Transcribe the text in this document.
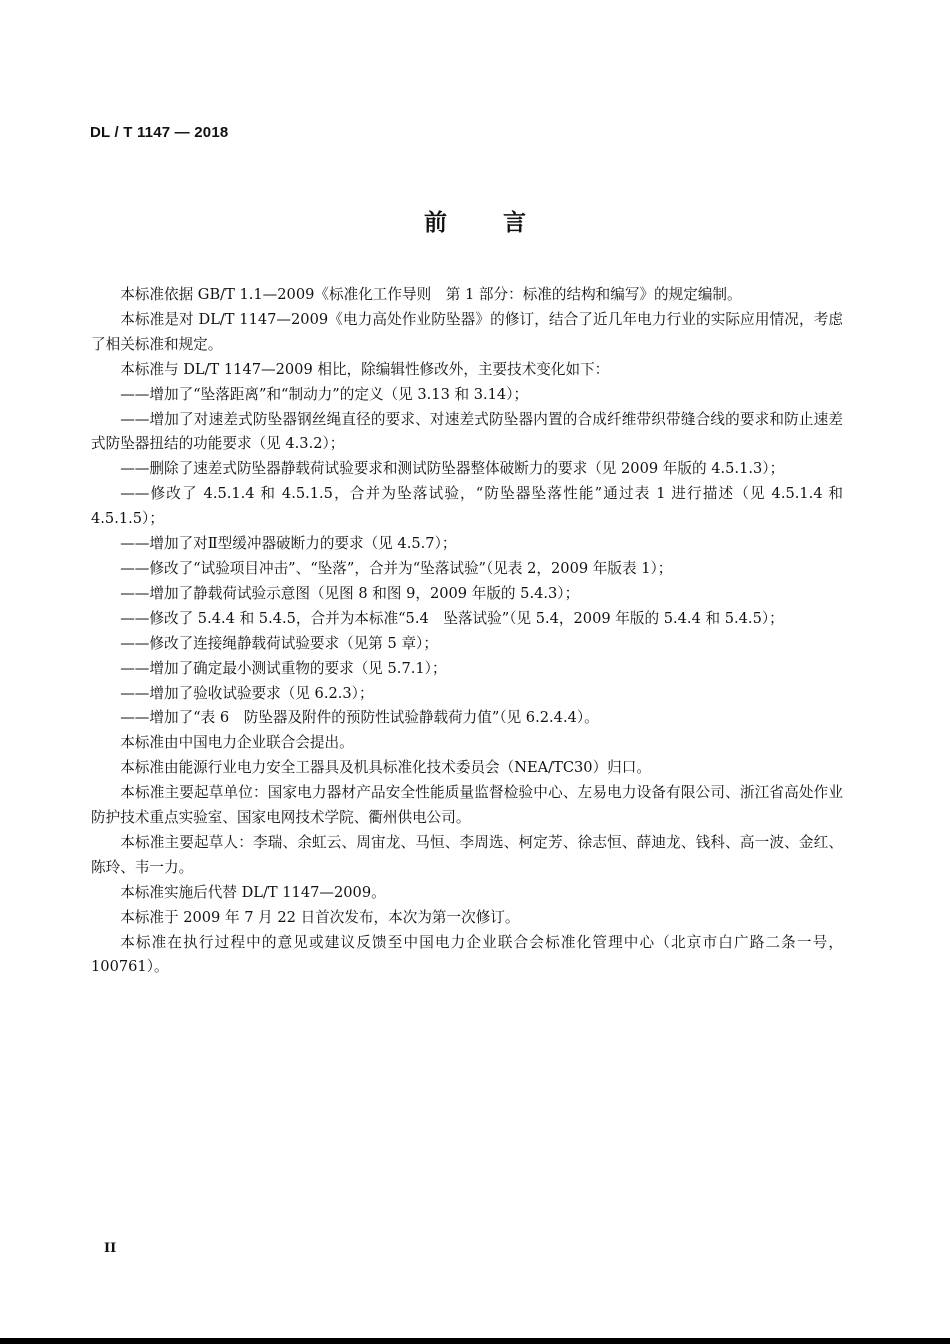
DL / T 1147 — 2018
前言

本标准依据 GB/T 1.1—2009《标准化工作导则　第 1 部分：标准的结构和编写》的规定编制。

本标准是对 DL/T 1147—2009《电力高处作业防坠器》的修订，结合了近几年电力行业的实际应用情况，考虑了相关标准和规定。

本标准与 DL/T 1147—2009 相比，除编辑性修改外，主要技术变化如下：

——增加了“坠落距离”和“制动力”的定义（见 3.13 和 3.14）；

——增加了对速差式防坠器钢丝绳直径的要求、对速差式防坠器内置的合成纤维带织带缝合线的要求和防止速差式防坠器扭结的功能要求（见 4.3.2）；

——删除了速差式防坠器静载荷试验要求和测试防坠器整体破断力的要求（见 2009 年版的 4.5.1.3）；

——修改了 4.5.1.4 和 4.5.1.5，合并为坠落试验，“防坠器坠落性能”通过表 1 进行描述（见 4.5.1.4 和 4.5.1.5）；

——增加了对Ⅱ型缓冲器破断力的要求（见 4.5.7）；

——修改了“试验项目冲击”、“坠落”，合并为“坠落试验”（见表 2，2009 年版表 1）；

——增加了静载荷试验示意图（见图 8 和图 9，2009 年版的 5.4.3）；

——修改了 5.4.4 和 5.4.5，合并为本标准“5.4　坠落试验”（见 5.4，2009 年版的 5.4.4 和 5.4.5）；

——修改了连接绳静载荷试验要求（见第 5 章）；

——增加了确定最小测试重物的要求（见 5.7.1）；

——增加了验收试验要求（见 6.2.3）；

——增加了“表 6　防坠器及附件的预防性试验静载荷力值”（见 6.2.4.4）。

本标准由中国电力企业联合会提出。

本标准由能源行业电力安全工器具及机具标准化技术委员会（NEA/TC30）归口。

本标准主要起草单位：国家电力器材产品安全性能质量监督检验中心、左易电力设备有限公司、浙江省高处作业防护技术重点实验室、国家电网技术学院、衢州供电公司。

本标准主要起草人：李瑞、余虹云、周宙龙、马恒、李周选、柯定芳、徐志恒、薛迪龙、钱科、高一波、金红、陈玲、韦一力。

本标准实施后代替 DL/T 1147—2009。

本标准于 2009 年 7 月 22 日首次发布，本次为第一次修订。

本标准在执行过程中的意见或建议反馈至中国电力企业联合会标准化管理中心（北京市白广路二条一号，100761）。

II
